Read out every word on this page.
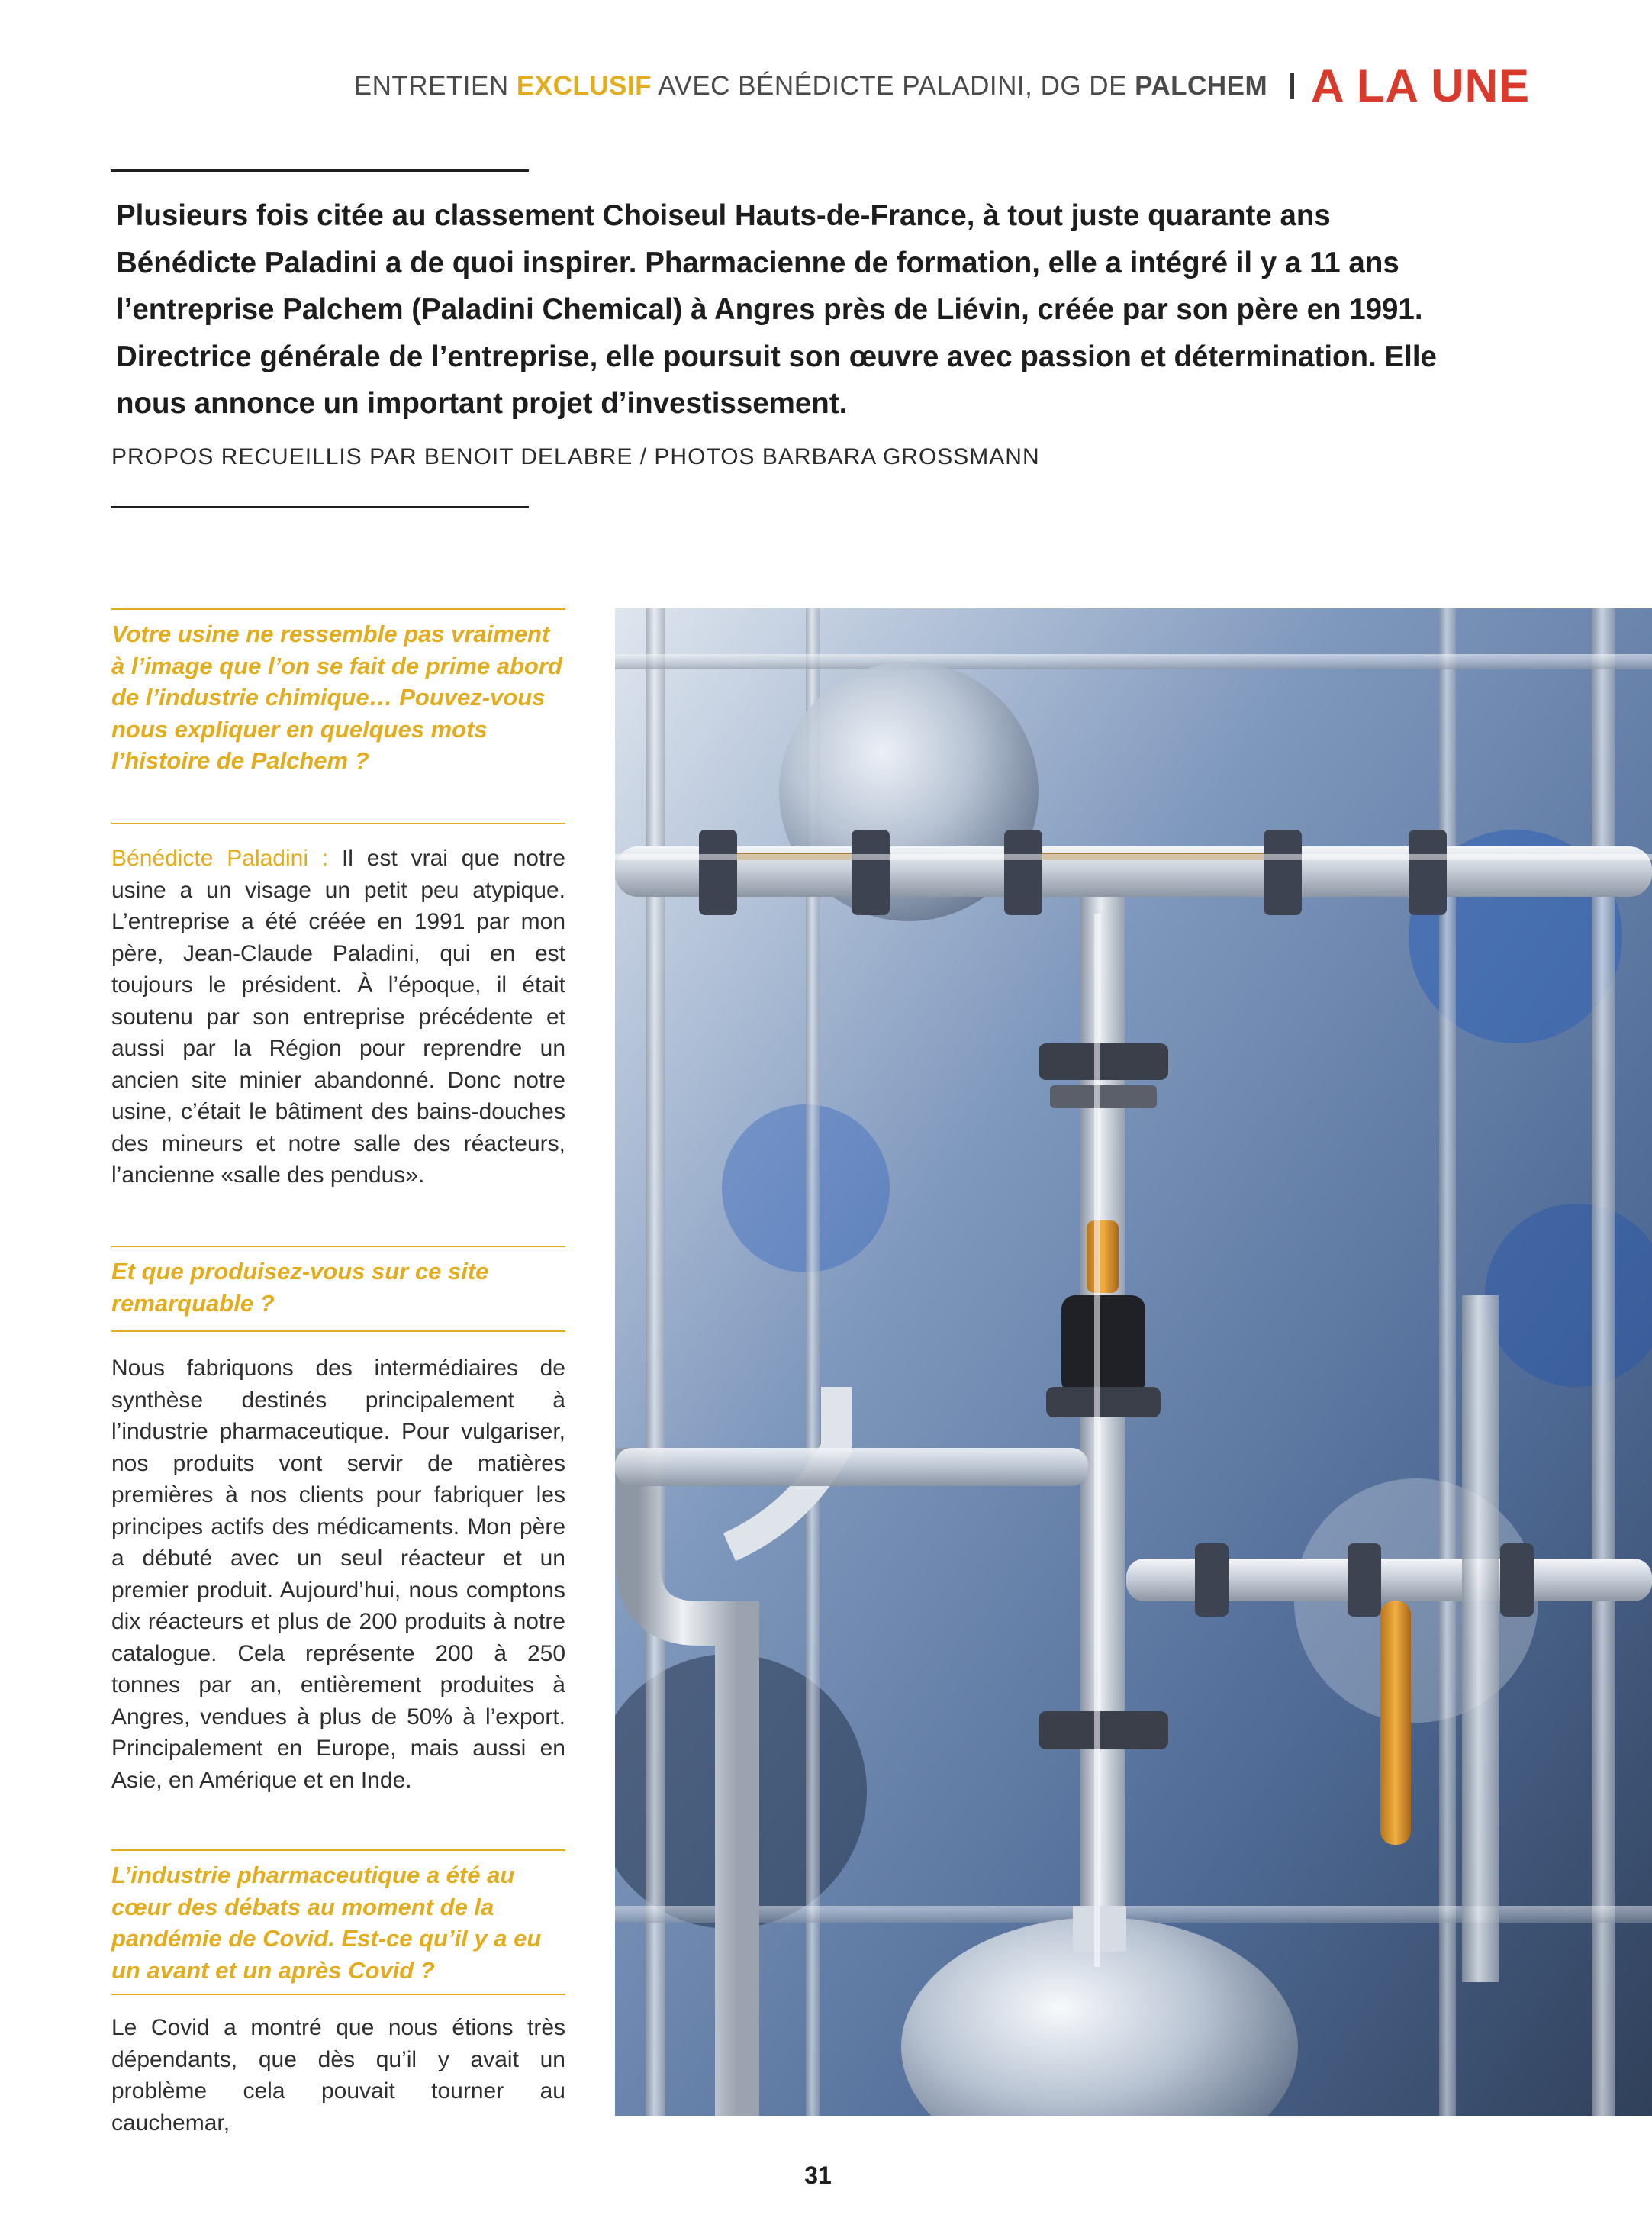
ENTRETIEN EXCLUSIF AVEC BÉNÉDICTE PALADINI, DG DE PALCHEM A LA UNE

Plusieurs fois citée au classement Choiseul Hauts-de-France, à tout juste quarante ans Bénédicte Paladini a de quoi inspirer. Pharmacienne de formation, elle a intégré il y a 11 ans l’entreprise Palchem (Paladini Chemical) à Angres près de Liévin, créée par son père en 1991. Directrice générale de l’entreprise, elle poursuit son œuvre avec passion et détermination. Elle nous annonce un important projet d’investissement.

PROPOS RECUEILLIS PAR BENOIT DELABRE / PHOTOS BARBARA GROSSMANN

Votre usine ne ressemble pas vraiment à l’image que l’on se fait de prime abord de l’industrie chimique… Pouvez-vous nous expliquer en quelques mots l’histoire de Palchem ?

Bénédicte Paladini : Il est vrai que notre usine a un visage un petit peu atypique. L’entreprise a été créée en 1991 par mon père, Jean-Claude Paladini, qui en est toujours le président. À l’époque, il était soutenu par son entreprise précédente et aussi par la Région pour reprendre un ancien site minier abandonné. Donc notre usine, c’était le bâtiment des bains-douches des mineurs et notre salle des réacteurs, l’ancienne «salle des pendus».

Et que produisez-vous sur ce site remarquable ?

Nous fabriquons des intermédiaires de synthèse destinés principalement à l’industrie pharmaceutique. Pour vulgariser, nos produits vont servir de matières premières à nos clients pour fabriquer les principes actifs des médicaments. Mon père a débuté avec un seul réacteur et un premier produit. Aujourd’hui, nous comptons dix réacteurs et plus de 200 produits à notre catalogue. Cela représente 200 à 250 tonnes par an, entièrement produites à Angres, vendues à plus de 50% à l’export. Principalement en Europe, mais aussi en Asie, en Amérique et en Inde.

L’industrie pharmaceutique a été au cœur des débats au moment de la pandémie de Covid. Est-ce qu’il y a eu un avant et un après Covid ?

Le Covid a montré que nous étions très dépendants, que dès qu’il y avait un problème cela pouvait tourner au cauchemar,

31
